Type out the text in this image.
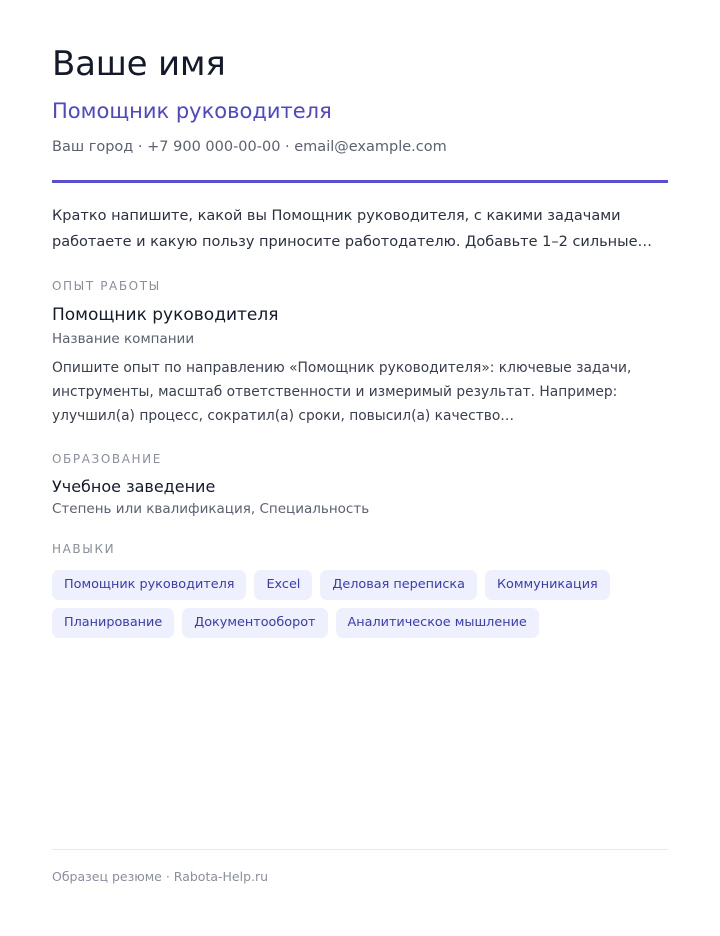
Ваше имя
Помощник руководителя
Ваш город · +7 900 000-00-00 · email@example.com
Кратко напишите, какой вы Помощник руководителя, с какими задачами работаете и какую пользу приносите работодателю. Добавьте 1–2 сильные…
ОПЫТ РАБОТЫ
Помощник руководителя
Название компании
Опишите опыт по направлению «Помощник руководителя»: ключевые задачи, инструменты, масштаб ответственности и измеримый результат. Например: улучшил(а) процесс, сократил(а) сроки, повысил(а) качество…
ОБРАЗОВАНИЕ
Учебное заведение
Степень или квалификация, Специальность
НАВЫКИ
Помощник руководителя	Excel	Деловая переписка	Коммуникация
Планирование	Документооборот	Аналитическое мышление
Образец резюме · Rabota-Help.ru
